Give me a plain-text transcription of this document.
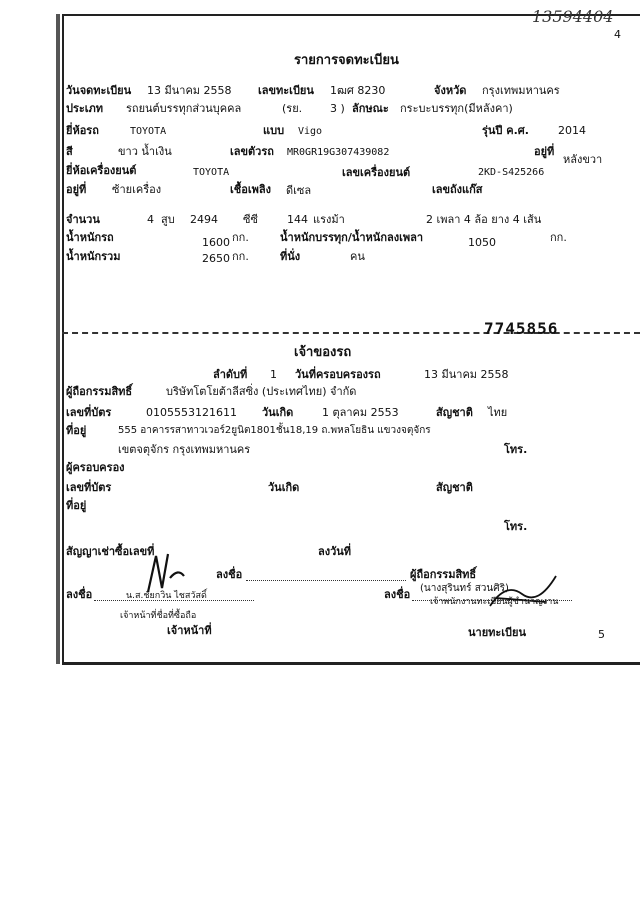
13594404
4
รายการจดทะเบียน
วันจดทะเบียน 13 มีนาคม 2558 เลขทะเบียน 1ฒศ 8230	จังหวัด กรุงเทพมหานคร
ประเภท รถยนต์บรรทุกส่วนบุคคล	(รย.	3 ) ลักษณะ กระบะบรรทุก(มีหลังคา)
ยี่ห้อรถ	TOYOTA	แบบ Vigo	รุ่นปี ค.ศ.	2014
สี	ขาว น้ำเงิน	เลขตัวรถ MR0GR19G307439082	อยู่ที่
หลังขวา
ยี่ห้อเครื่องยนต์	TOYOTA	เลขเครื่องยนต์	2KD-S425266
อยู่ที่ ซ้ายเครื่อง	เชื้อเพลิง ดีเซล	เลขถังแก๊ส
จำนวน	4 สูบ 2494 ซีซี	144 แรงม้า	2 เพลา 4 ล้อ ยาง 4 เส้น
น้ำหนักรถ	1600 กก.	น้ำหนักบรรทุก/น้ำหนักลงเพลา	1050	กก.
น้ำหนักรวม	2650 กก.	ที่นั่ง	คน
7745856
เจ้าของรถ
ลำดับที่ 1 วันที่ครอบครองรถ	13 มีนาคม 2558
ผู้ถือกรรมสิทธิ์	บริษัทโตโยต้าลีสซิ่ง (ประเทศไทย) จำกัด
เลขที่บัตร	0105553121611 วันเกิด	1 ตุลาคม 2553	สัญชาติ ไทย
ที่อยู่	555 อาคารรสาทาวเวอร์2ยูนิต1801ชั้น18,19 ถ.พหลโยธิน แขวงจตุจักร
เขตจตุจักร กรุงเทพมหานคร	โทร.
ผู้ครอบครอง
เลขที่บัตร	วันเกิด	สัญชาติ
ที่อยู่
โทร.
สัญญาเช่าซื้อเลขที่	ลงวันที่
ลงชื่อ	ผู้ถือกรรมสิทธิ์
(นางสุรินทร์ สวนศิริ)
ลงชื่อ	น.ส.ชัยกวิน ไชสวัสดิ์
เจ้าหน้าที่ชื่อที่ซื้อถือ
เจ้าหน้าที่
ลงชื่อ
เจ้าพนักงานทะเบียนผู้ชำนาญงาน
นายทะเบียน	5
